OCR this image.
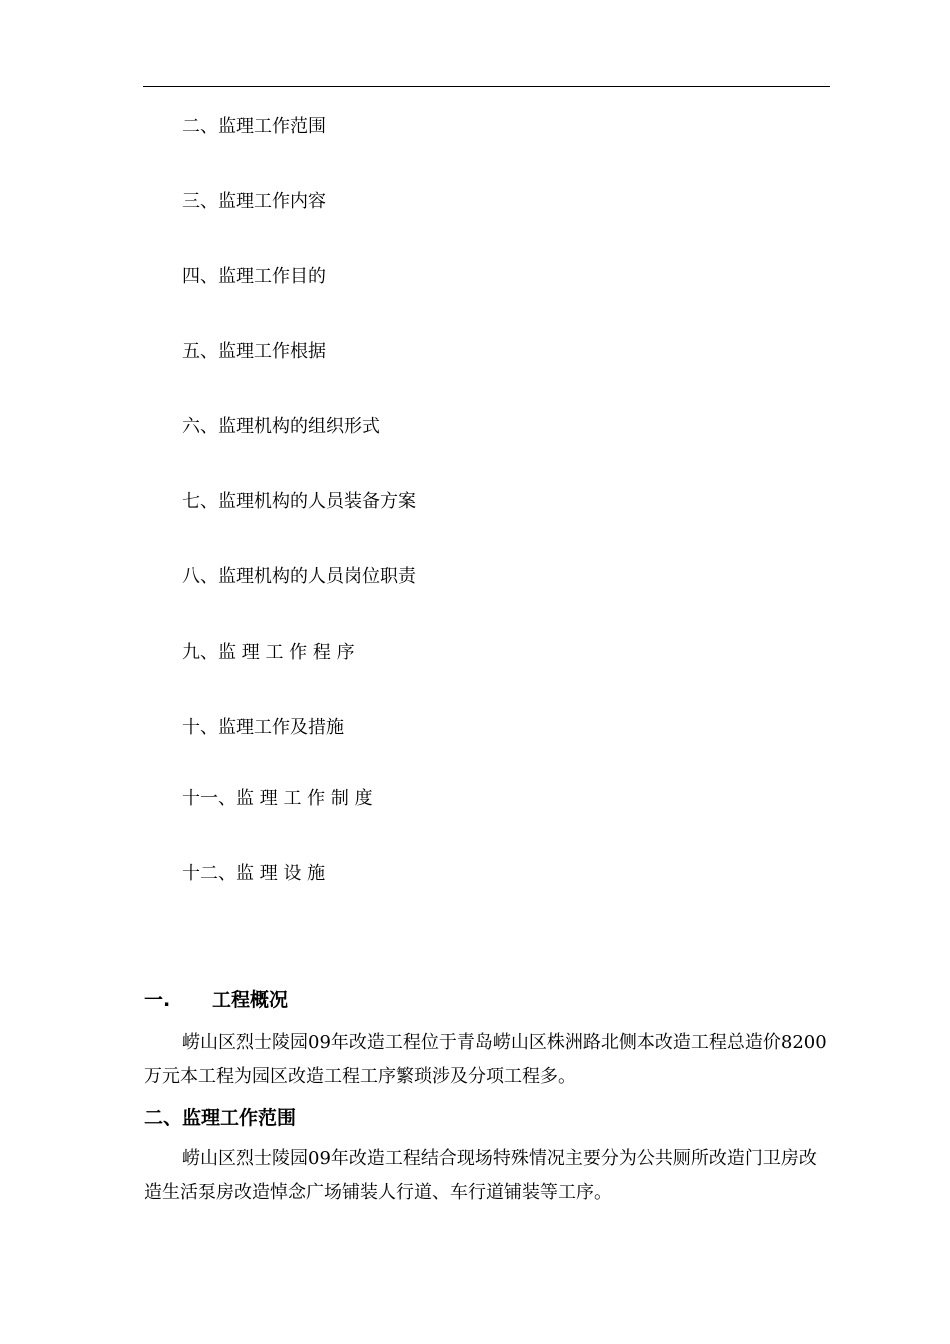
二、监理工作范围
三、监理工作内容
四、监理工作目的
五、监理工作根据
六、监理机构的组织形式
七、监理机构的人员装备方案
八、监理机构的人员岗位职责
九、监 理 工 作 程 序
十、监理工作及措施
十一、监 理 工 作 制 度
十二、监 理 设 施
一. 工程概况
崂山区烈士陵园09年改造工程位于青岛崂山区株洲路北侧本改造工程总造价8200万元本工程为园区改造工程工序繁琐涉及分项工程多。
二、监理工作范围
崂山区烈士陵园09年改造工程结合现场特殊情况主要分为公共厕所改造门卫房改造生活泵房改造悼念广场铺装人行道、车行道铺装等工序。
